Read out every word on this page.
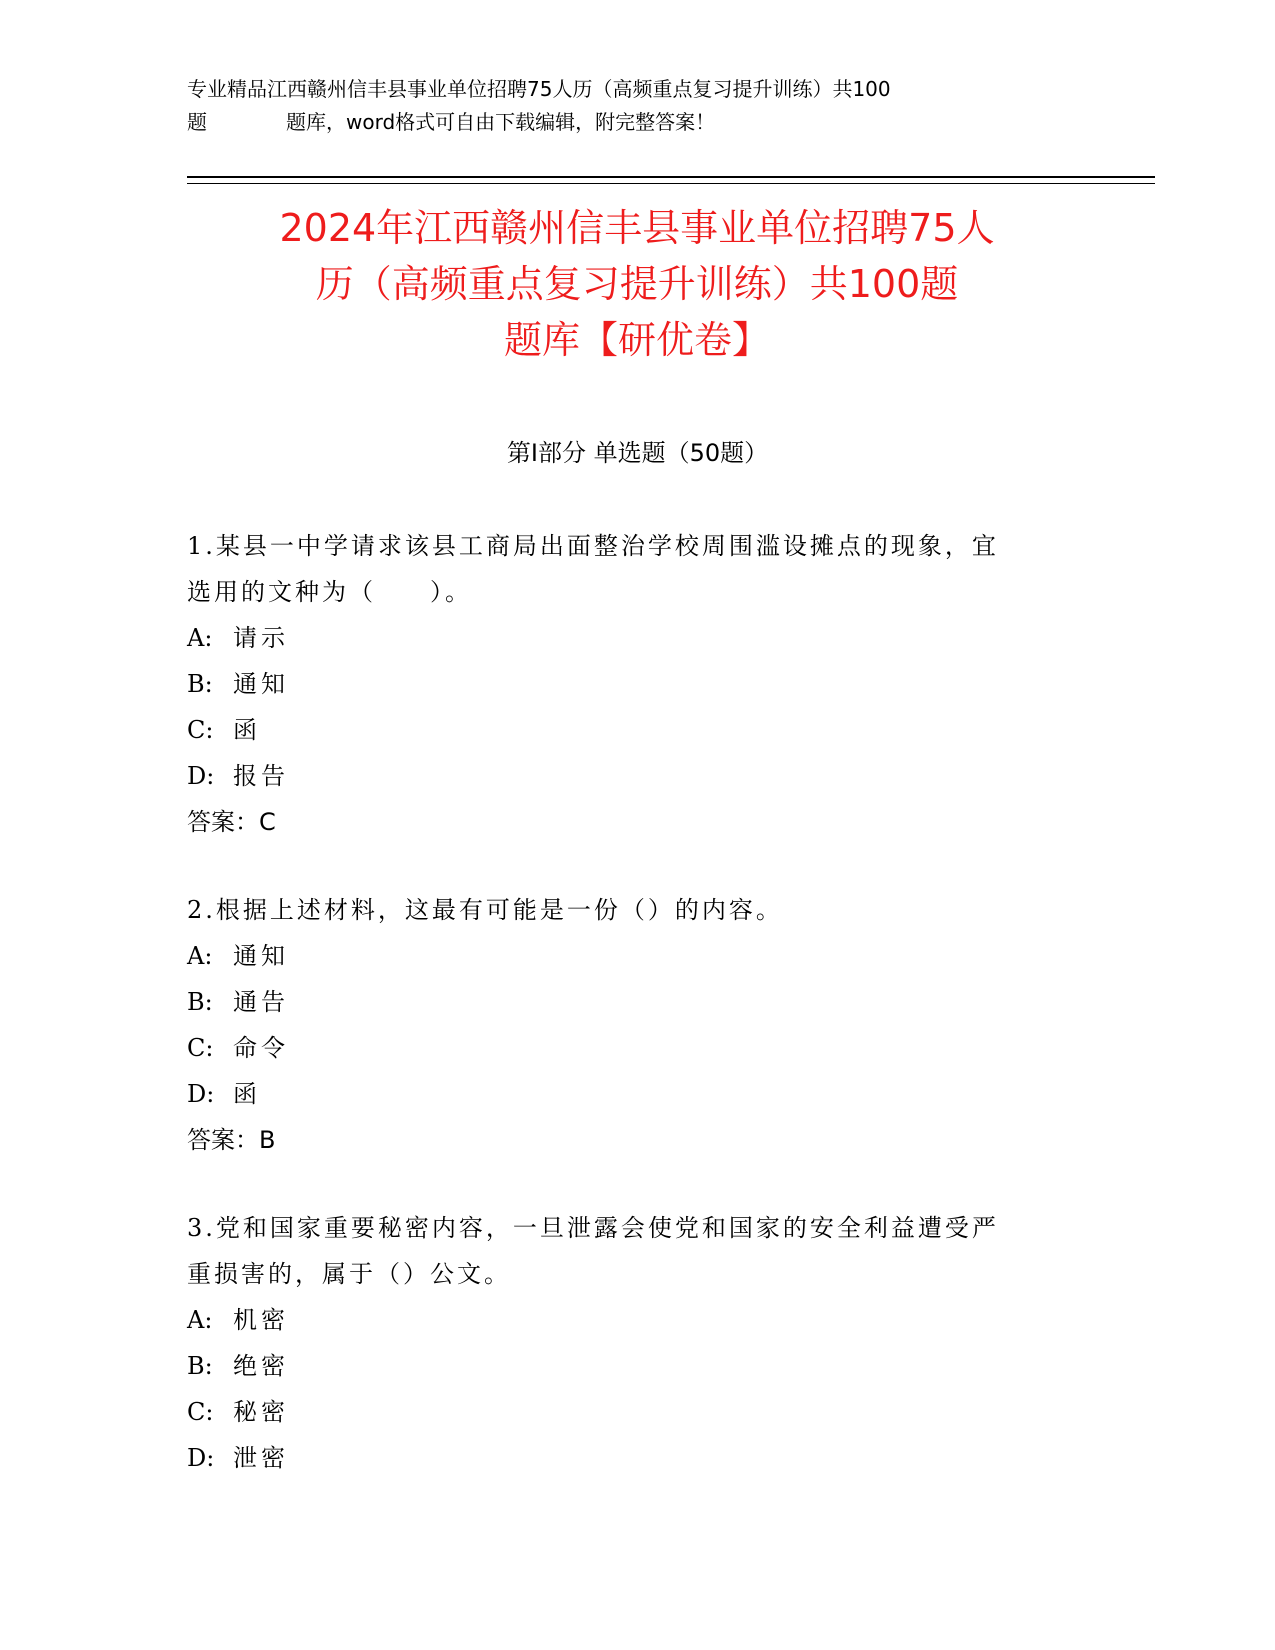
专业精品江西赣州信丰县事业单位招聘75人历（高频重点复习提升训练）共100
题	题库，word格式可自由下载编辑，附完整答案！
2024年江西赣州信丰县事业单位招聘75人
历（高频重点复习提升训练）共100题
题库【研优卷】
第Ⅰ部分 单选题（50题）

1.某县一中学请求该县工商局出面整治学校周围滥设摊点的现象，宜

选用的文种为（　　）。

A: 请示

B: 通知

C: 函

D: 报告

答案：C

2.根据上述材料，这最有可能是一份（）的内容。

A: 通知

B: 通告

C: 命令

D: 函

答案：B

3.党和国家重要秘密内容，一旦泄露会使党和国家的安全利益遭受严

重损害的，属于（）公文。

A: 机密

B: 绝密

C: 秘密

D: 泄密
